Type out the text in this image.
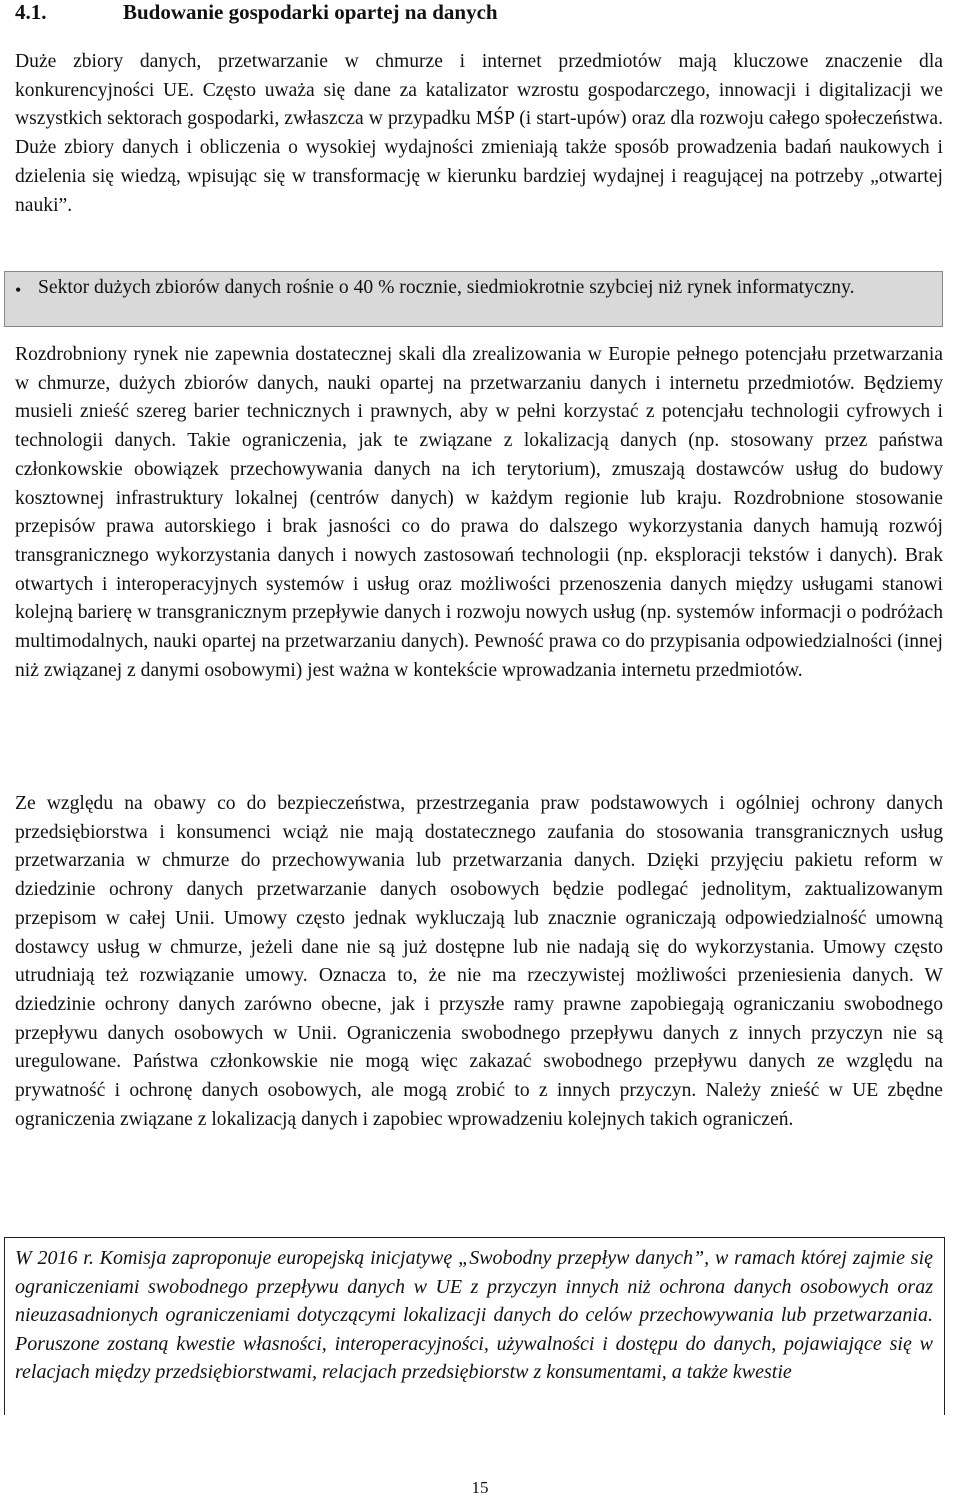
4.1.	Budowanie gospodarki opartej na danych

Duże zbiory danych, przetwarzanie w chmurze i internet przedmiotów mają kluczowe znaczenie dla konkurencyjności UE. Często uważa się dane za katalizator wzrostu gospodarczego, innowacji i digitalizacji we wszystkich sektorach gospodarki, zwłaszcza w przypadku MŚP (i start-upów) oraz dla rozwoju całego społeczeństwa. Duże zbiory danych i obliczenia o wysokiej wydajności zmieniają także sposób prowadzenia badań naukowych i dzielenia się wiedzą, wpisując się w transformację w kierunku bardziej wydajnej i reagującej na potrzeby „otwartej nauki”.

Rozdrobniony rynek nie zapewnia dostatecznej skali dla zrealizowania w Europie pełnego potencjału przetwarzania w chmurze, dużych zbiorów danych, nauki opartej na przetwarzaniu danych i internetu przedmiotów. Będziemy musieli znieść szereg barier technicznych i prawnych, aby w pełni korzystać z potencjału technologii cyfrowych i technologii danych. Takie ograniczenia, jak te związane z lokalizacją danych (np. stosowany przez państwa członkowskie obowiązek przechowywania danych na ich terytorium), zmuszają dostawców usług do budowy kosztownej infrastruktury lokalnej (centrów danych) w każdym regionie lub kraju. Rozdrobnione stosowanie przepisów prawa autorskiego i brak jasności co do prawa do dalszego wykorzystania danych hamują rozwój transgranicznego wykorzystania danych i nowych zastosowań technologii (np. eksploracji tekstów i danych). Brak otwartych i interoperacyjnych systemów i usług oraz możliwości przenoszenia danych między usługami stanowi kolejną barierę w transgranicznym przepływie danych i rozwoju nowych usług (np. systemów informacji o podróżach multimodalnych, nauki opartej na przetwarzaniu danych). Pewność prawa co do przypisania odpowiedzialności (innej niż związanej z danymi osobowymi) jest ważna w kontekście wprowadzania internetu przedmiotów.

Ze względu na obawy co do bezpieczeństwa, przestrzegania praw podstawowych i ogólniej ochrony danych przedsiębiorstwa i konsumenci wciąż nie mają dostatecznego zaufania do stosowania transgranicznych usług przetwarzania w chmurze do przechowywania lub przetwarzania danych. Dzięki przyjęciu pakietu reform w dziedzinie ochrony danych przetwarzanie danych osobowych będzie podlegać jednolitym, zaktualizowanym przepisom w całej Unii. Umowy często jednak wykluczają lub znacznie ograniczają odpowiedzialność umowną dostawcy usług w chmurze, jeżeli dane nie są już dostępne lub nie nadają się do wykorzystania. Umowy często utrudniają też rozwiązanie umowy. Oznacza to, że nie ma rzeczywistej możliwości przeniesienia danych. W dziedzinie ochrony danych zarówno obecne, jak i przyszłe ramy prawne zapobiegają ograniczaniu swobodnego przepływu danych osobowych w Unii. Ograniczenia swobodnego przepływu danych z innych przyczyn nie są uregulowane. Państwa członkowskie nie mogą więc zakazać swobodnego przepływu danych ze względu na prywatność i ochronę danych osobowych, ale mogą zrobić to z innych przyczyn. Należy znieść w UE zbędne ograniczenia związane z lokalizacją danych i zapobiec wprowadzeniu kolejnych takich ograniczeń.

• Sektor dużych zbiorów danych rośnie o 40 % rocznie, siedmiokrotnie szybciej niż rynek informatyczny.

W 2016 r. Komisja zaproponuje europejską inicjatywę „Swobodny przepływ danych”, w ramach której zajmie się ograniczeniami swobodnego przepływu danych w UE z przyczyn innych niż ochrona danych osobowych oraz nieuzasadnionych ograniczeniami dotyczącymi lokalizacji danych do celów przechowywania lub przetwarzania. Poruszone zostaną kwestie własności, interoperacyjności, używalności i dostępu do danych, pojawiające się w relacjach między przedsiębiorstwami, relacjach przedsiębiorstw z konsumentami, a także kwestie

15
